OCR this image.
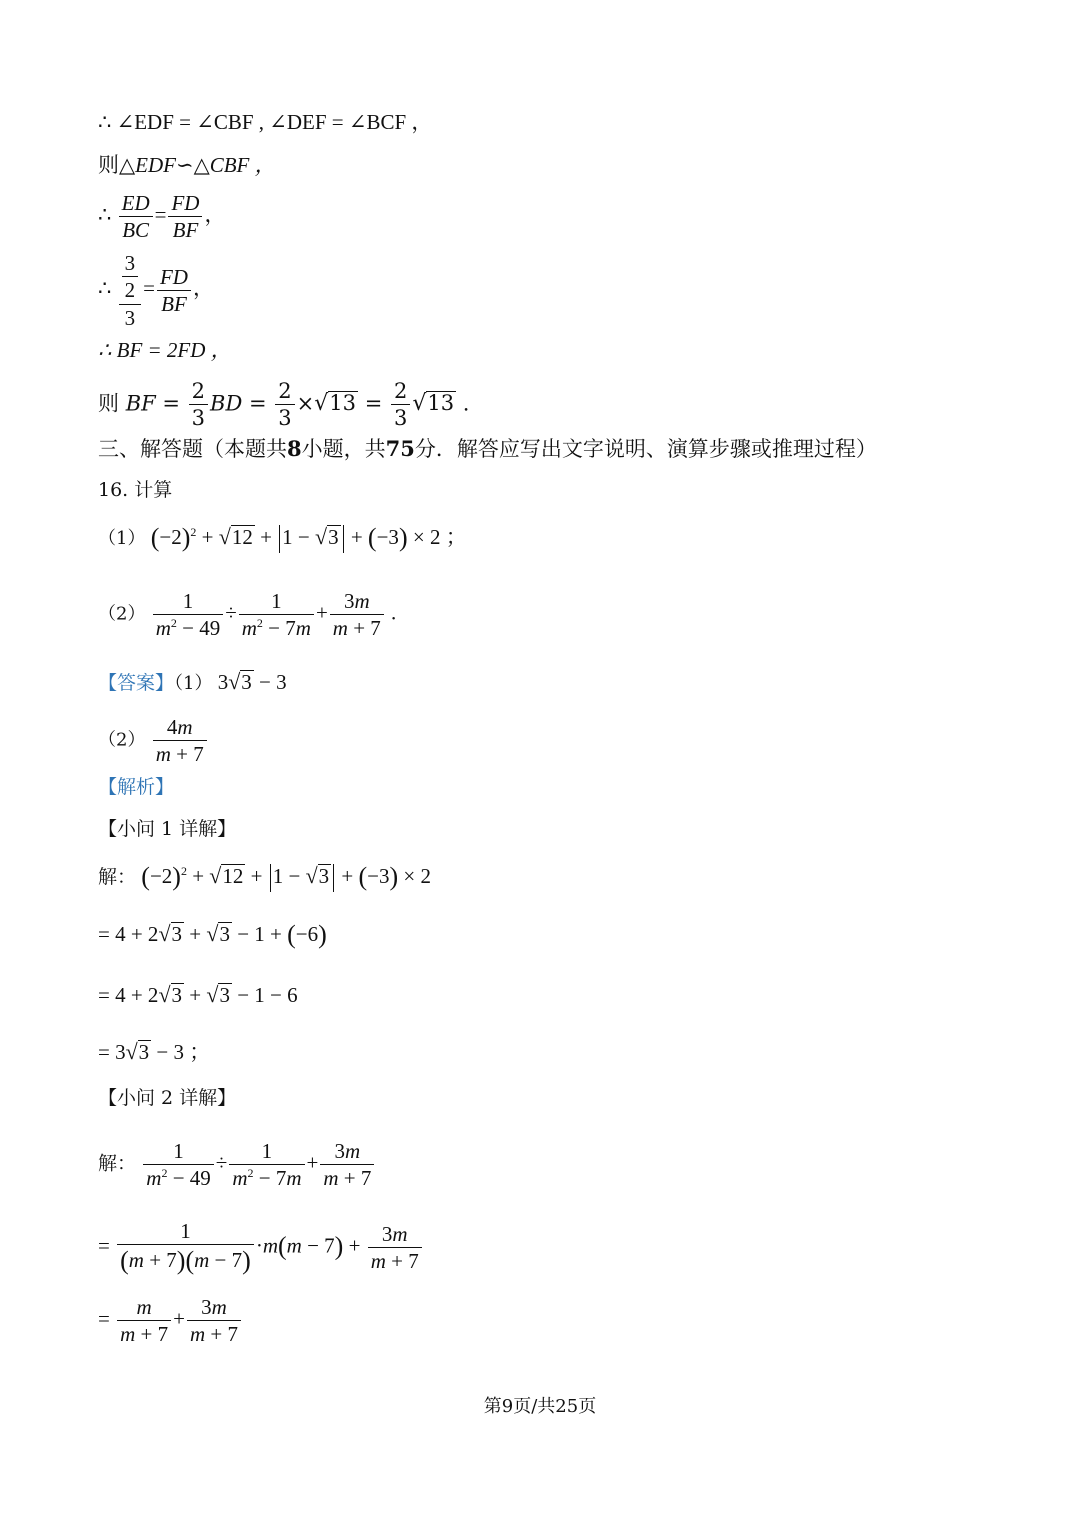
∴ ∠EDF = ∠CBF , ∠DEF = ∠BCF ，
则△EDF∽△CBF ，
∴ $\frac{ED}{BC} = \frac{FD}{BF}$ ，
∴ $\frac{\frac{3}{2}}{3} = \frac{FD}{BF}$ ，
∴ BF = 2FD ，
则 BF = $\frac{2}{3}$ BD = $\frac{2}{3} \times√13 = \frac{2}{3} √13$ .
三、解答题（本题共8小题，共75分．解答应写出文字说明、演算步骤或推理过程）
16. 计算
（1） $(-2)^2 + √12 + 1 - √3 + (-3) \times 2$ ；
$(2) \frac{1}{m^2 - 49} \div \frac{1}{m^2 - 7m} + \frac{3m}{m + 7}$ .
【答案】（1） 3√3 − 3
$(2) \frac{4m}{m + 7}$
【解析】
【小问 1 详解】
解： $(-2)^2 + √12 + 1 - √3 + (-3) \times 2$
= 4 + 2√3 + √3 − 1 + (−6)
= 4 + 2√3 + √3 − 1 − 6
= 3√3 − 3 ；
【小问 2 详解】
解： $\frac{1}{m^2 - 49} \div \frac{1}{m^2 - 7m} + \frac{3m}{m + 7}$
= $\frac{1}{(m + 7)(m - 7)} \cdot m(m - 7) + \frac{3m}{m + 7}$
= $\frac{m}{m + 7} + \frac{3m}{m + 7}$
第9页/共25页
